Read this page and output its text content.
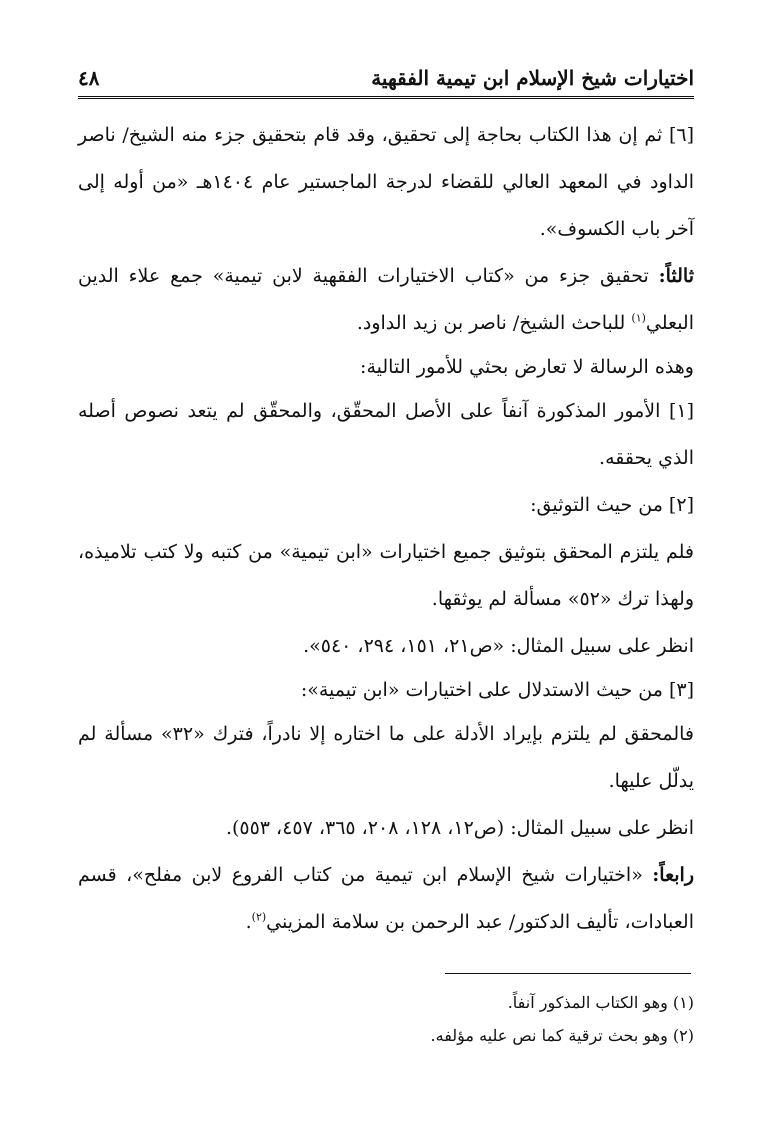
اختيارات شيخ الإسلام ابن تيمية الفقهية
٤٨

[٦] ثم إن هذا الكتاب بحاجة إلى تحقيق، وقد قام بتحقيق جزء منه الشيخ/ ناصر الداود في المعهد العالي للقضاء لدرجة الماجستير عام ١٤٠٤هـ «من أوله إلى آخر باب الكسوف».

ثالثاً: تحقيق جزء من «كتاب الاختيارات الفقهية لابن تيمية» جمع علاء الدين البعلي$^{(١)}$ للباحث الشيخ/ ناصر بن زيد الداود.

وهذه الرسالة لا تعارض بحثي للأمور التالية:

[١] الأمور المذكورة آنفاً على الأصل المحقّق، والمحقّق لم يتعد نصوص أصله الذي يحققه.

[٢] من حيث التوثيق:

فلم يلتزم المحقق بتوثيق جميع اختيارات «ابن تيمية» من كتبه ولا كتب تلاميذه، ولهذا ترك «٥٢» مسألة لم يوثقها.

انظر على سبيل المثال: «ص٢١، ١٥١، ٢٩٤، ٥٤٠».

[٣] من حيث الاستدلال على اختيارات «ابن تيمية»:

فالمحقق لم يلتزم بإيراد الأدلة على ما اختاره إلا نادراً، فترك «٣٢» مسألة لم يدلّل عليها.

انظر على سبيل المثال: (ص١٢، ١٢٨، ٢٠٨، ٣٦٥، ٤٥٧، ٥٥٣).

رابعاً: «اختيارات شيخ الإسلام ابن تيمية من كتاب الفروع لابن مفلح»، قسم العبادات، تأليف الدكتور/ عبد الرحمن بن سلامة المزيني$^{(٢)}$.

(١) وهو الكتاب المذكور آنفاً.

(٢) وهو بحث ترقية كما نص عليه مؤلفه.
